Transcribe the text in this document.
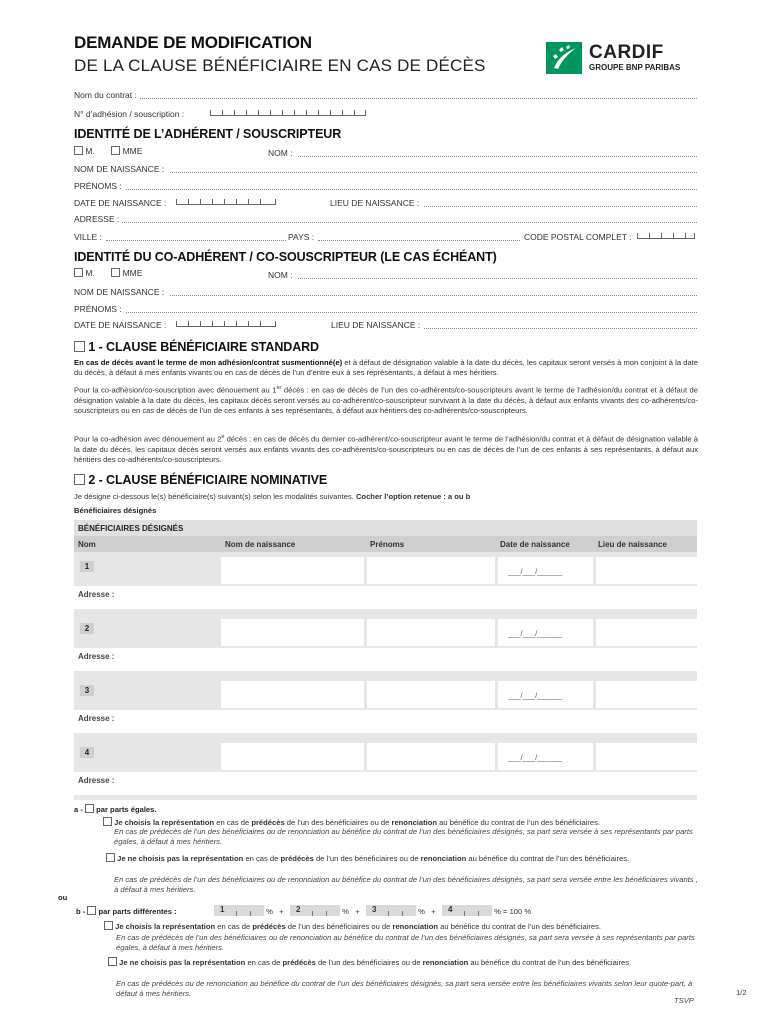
DEMANDE DE MODIFICATION
DE LA CLAUSE BÉNÉFICIAIRE EN CAS DE DÉCÈS
CARDIF
GROUPE BNP PARIBAS
Nom du contrat :
N° d’adhésion / souscription :
IDENTITÉ DE L’ADHÉRENT / SOUSCRIPTEUR
M.	MME	NOM :
NOM DE NAISSANCE :
PRÉNOMS :
DATE DE NAISSANCE :	LIEU DE NAISSANCE :
ADRESSE :
VILLE :	PAYS :	CODE POSTAL COMPLET :
IDENTITÉ DU CO-ADHÉRENT / CO-SOUSCRIPTEUR (LE CAS ÉCHÉANT)
M.	MME	NOM :
NOM DE NAISSANCE :
PRÉNOMS :
DATE DE NAISSANCE :	LIEU DE NAISSANCE :
1 - CLAUSE BÉNÉFICIAIRE STANDARD
En cas de décès avant le terme de mon adhésion/contrat susmentionné(e) et à défaut de désignation valable à la date du décès, les capitaux seront versés à mon conjoint à la date du décès, à défaut à mes enfants vivants ou en cas de décès de l’un d’entre eux à ses représentants, à défaut à mes héritiers.
Pour la co-adhésion/co-souscription avec dénouement au 1er décès : en cas de décès de l’un des co-adhérents/co-souscripteurs avant le terme de l’adhésion/du contrat et à défaut de désignation valable à la date du décès, les capitaux décès seront versés au co-adhérent/co-souscripteur survivant à la date du décès, à défaut aux enfants vivants des co-adhérents/co-souscripteurs ou en cas de décès de l’un de ces enfants à ses représentants, à défaut aux héritiers des co-adhérents/co-souscripteurs.
Pour la co-adhésion avec dénouement au 2e décès : en cas de décès du dernier co-adhérent/co-souscripteur avant le terme de l’adhésion/du contrat et à défaut de désignation valable à la date du décès, les capitaux décès seront versés aux enfants vivants des co-adhérents/co-souscripteurs ou en cas de décès de l’un de ces enfants à ses représentants, à défaut aux héritiers des co-adhérents/co-souscripteurs.
2 - CLAUSE BÉNÉFICIAIRE NOMINATIVE
Je désigne ci-dessous le(s) bénéficiaire(s) suivant(s) selon les modalités suivantes. Cocher l’option retenue : a ou b
Bénéficiaires désignés
BÉNÉFICIAIRES DÉSIGNÉS
Nom	Nom de naissance	Prénoms	Date de naissance	Lieu de naissance
1
___/___/______
Adresse :
2
___/___/______
Adresse :
3
___/___/______
Adresse :
4
___/___/______
Adresse :
a - par parts égales.
Je choisis la représentation en cas de prédécès de l’un des bénéficiaires ou de renonciation au bénéfice du contrat de l’un des bénéficiaires.
En cas de prédécès de l’un des bénéficiaires ou de renonciation au bénéfice du contrat de l’un des bénéficiaires désignés, sa part sera versée à ses représentants par parts égales, à défaut à mes héritiers.
Je ne choisis pas la représentation en cas de prédécès de l’un des bénéficiaires ou de renonciation au bénéfice du contrat de l’un des bénéficiaires.
En cas de prédécès de l’un des bénéficiaires ou de renonciation au bénéfice du contrat de l’un des bénéficiaires désignés, sa part sera versée entre les bénéficiaires vivants , à défaut à mes héritiers.
ou
b - par parts différentes :	1	% + 2	% + 3	% + 4	% = 100 %
Je choisis la représentation en cas de prédécès de l’un des bénéficiaires ou de renonciation au bénéfice du contrat de l’un des bénéficiaires.
En cas de prédécès de l’un des bénéficiaires ou de renonciation au bénéfice du contrat de l’un des bénéficiaires désignés, sa part sera versée à ses représentants par parts égales, à défaut à mes héritiers.
Je ne choisis pas la représentation en cas de prédécès de l’un des bénéficiaires ou de renonciation au bénéfice du contrat de l’un des bénéficiaires.
En cas de prédécès ou de renonciation au bénéfice du contrat de l’un des bénéficiaires désignés, sa part sera versée entre les bénéficiaires vivants selon leur quote-part, à défaut à mes héritiers.
TSVP
1/2
